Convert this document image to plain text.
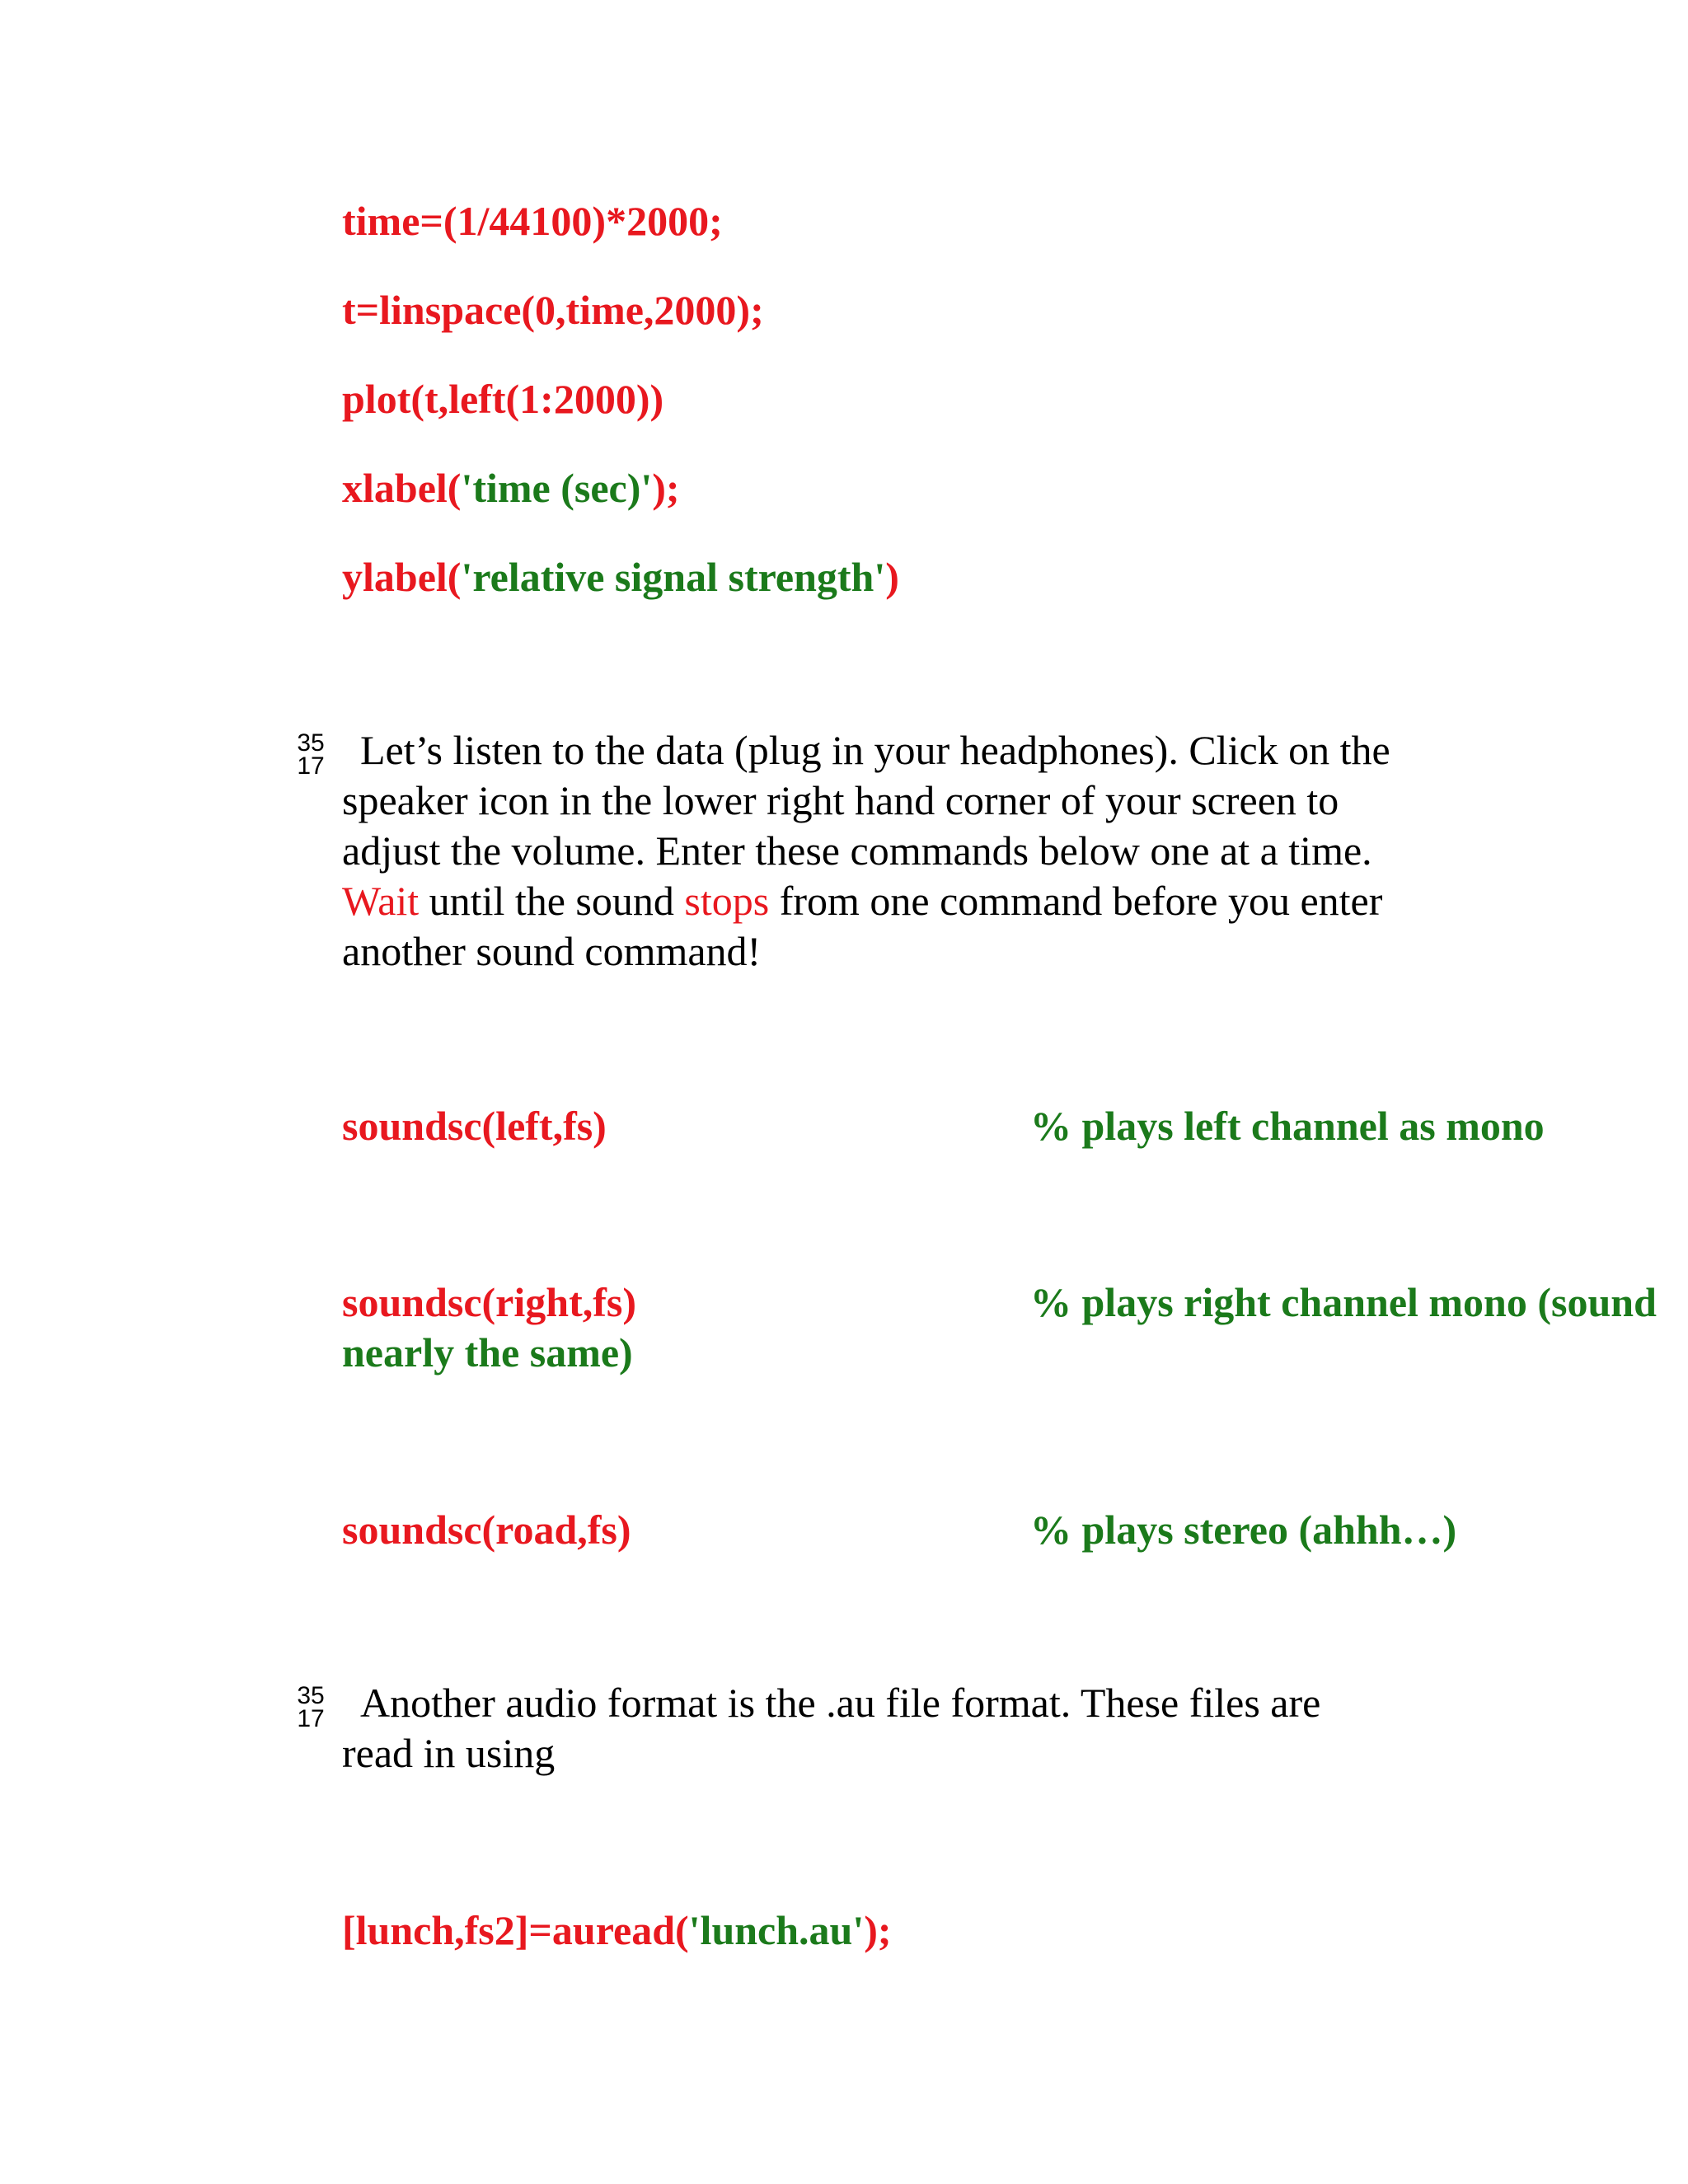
time=(1/44100)*2000;
t=linspace(0,time,2000);
plot(t,left(1:2000))
xlabel('time (sec)');
ylabel('relative signal strength')
35
17 Let’s listen to the data (plug in your headphones). Click on the

speaker icon in the lower right hand corner of your screen to

adjust the volume. Enter these commands below one at a time.

Wait until the sound stops from one command before you enter

another sound command!

soundsc(left,fs)	% plays left channel as mono
soundsc(right,fs)	% plays right channel mono (sound
nearly the same)
soundsc(road,fs)	% plays stereo (ahhh…)
35
17 Another audio format is the .au file format. These files are

read in using

[lunch,fs2]=auread('lunch.au');
